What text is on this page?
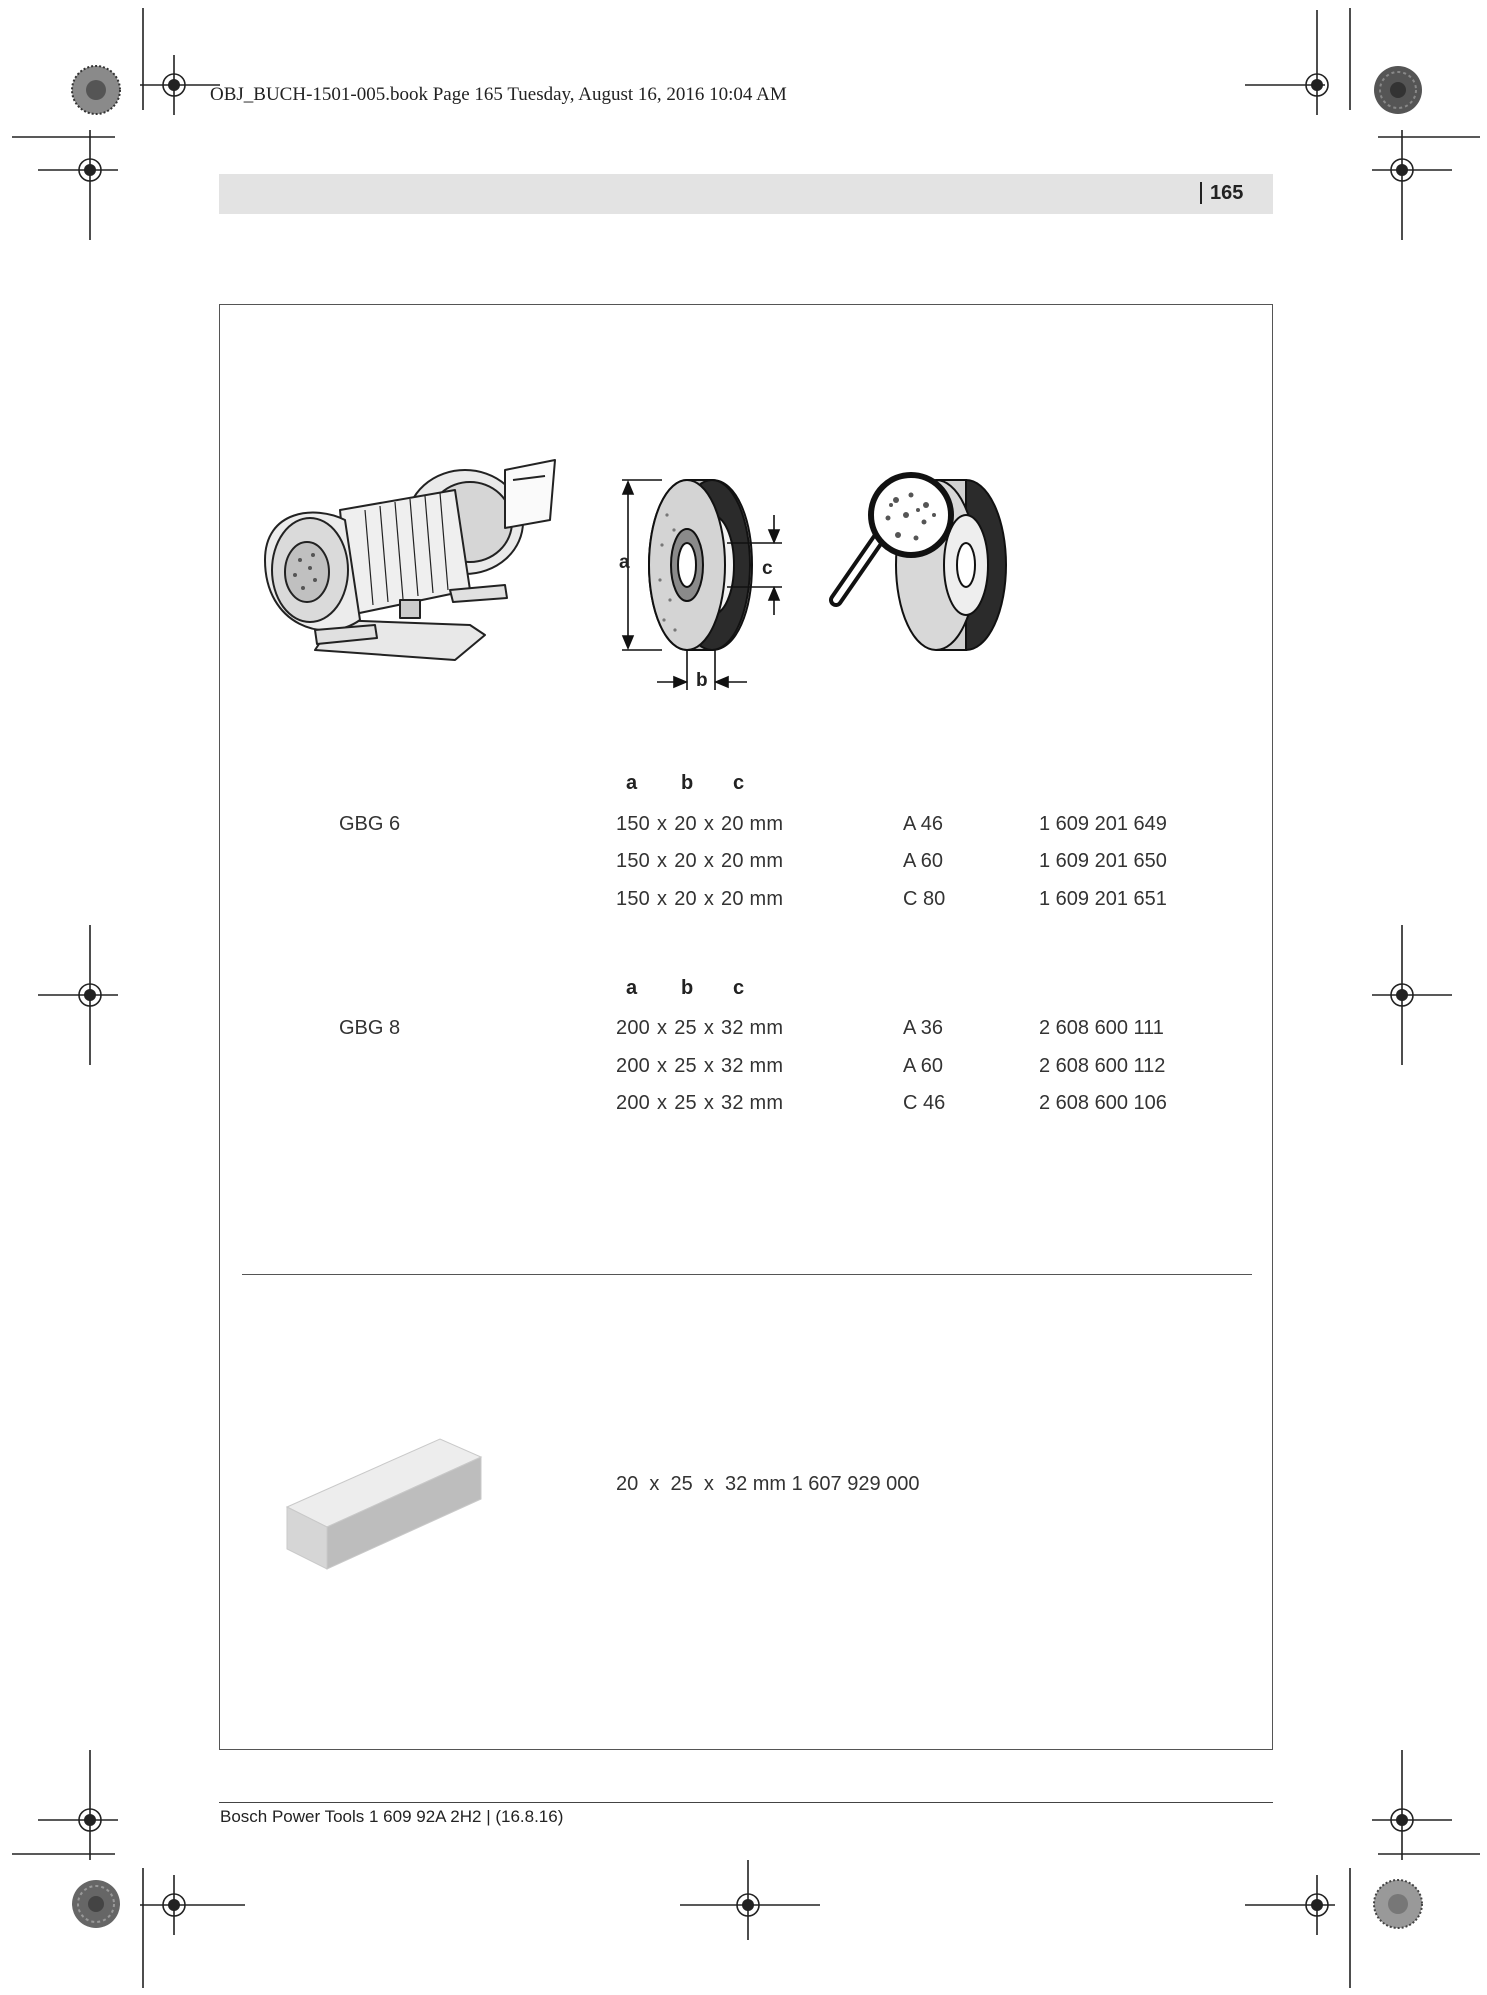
OBJ_BUCH-1501-005.book Page 165 Tuesday, August 16, 2016 10:04 AM
165
a	c
b
a b c
GBG 6	150 x 20 x 20 mm	A 46	1 609 201 649
150 x 20 x 20 mm	A 60	1 609 201 650
150 x 20 x 20 mm	C 80	1 609 201 651
a b c
GBG 8	200 x 25 x 32 mm	A 36	2 608 600 111
200 x 25 x 32 mm	A 60	2 608 600 112
200 x 25 x 32 mm	C 46	2 608 600 106
20  x  25  x  32 mm 1 607 929 000
Bosch Power Tools 1 609 92A 2H2 | (16.8.16)
